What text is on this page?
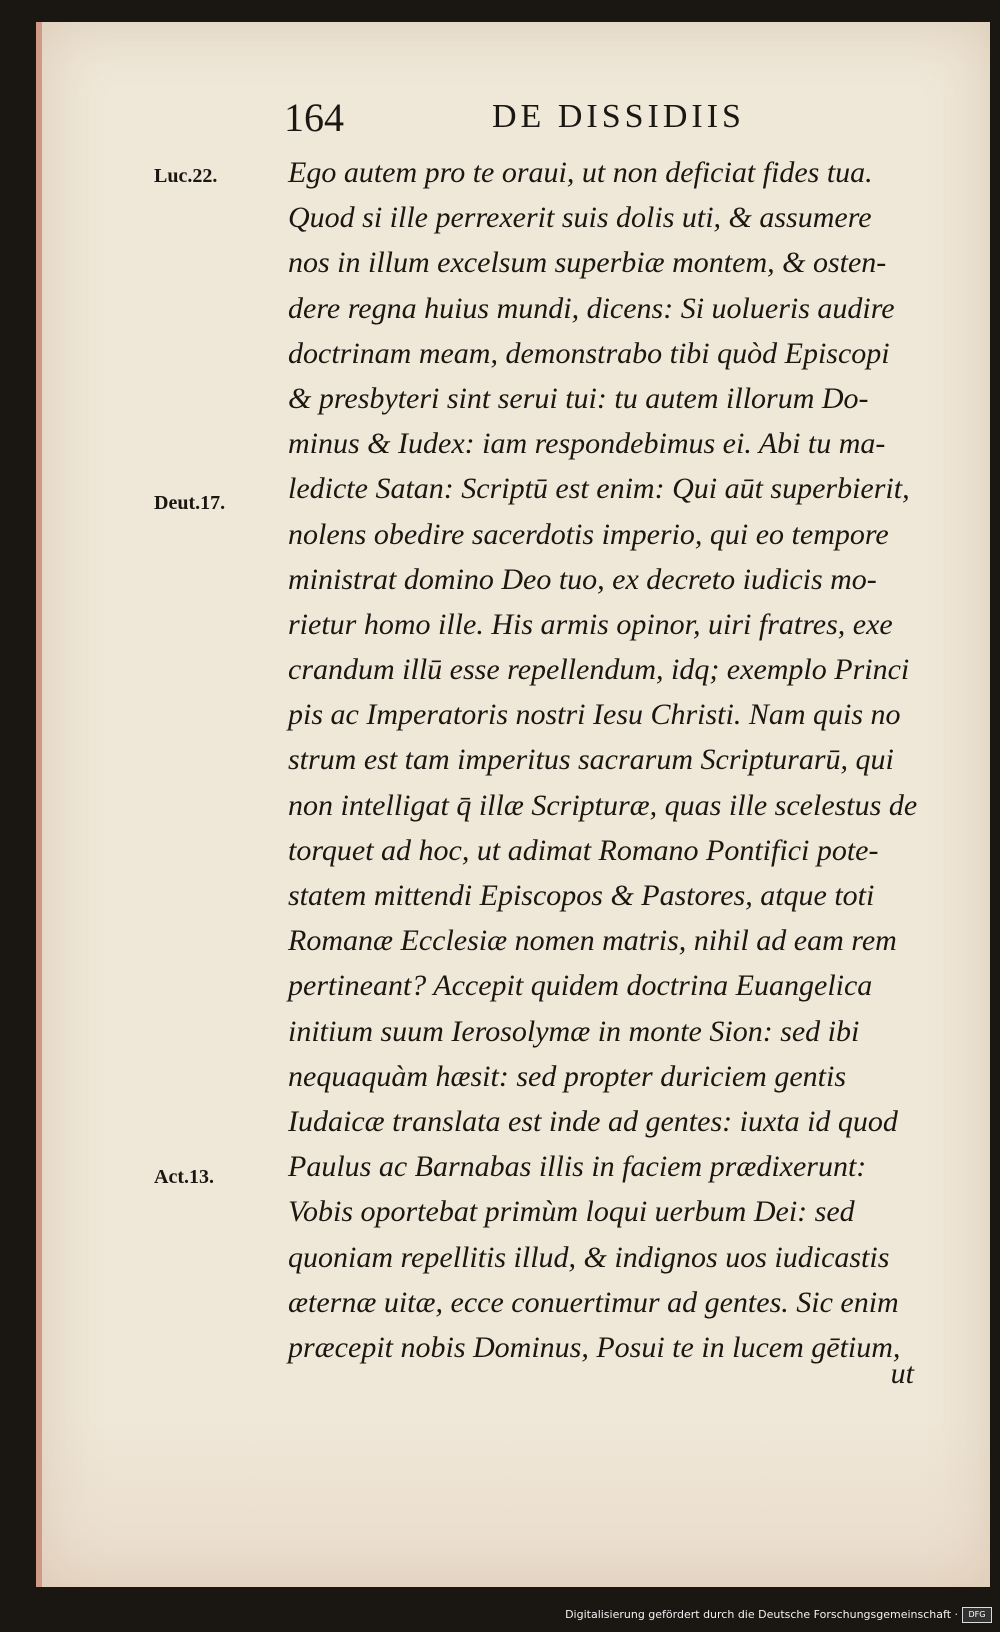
164	DE DISSIDIIS
Luc.22.
Deut.17.
Act.13.
Ego autem pro te oraui, ut non deficiat fides tua.
Quod si ille perrexerit suis dolis uti, & assumere
nos in illum excelsum superbiæ montem, & osten-
dere regna huius mundi, dicens: Si uolueris audire
doctrinam meam, demonstrabo tibi quòd Episcopi
& presbyteri sint serui tui: tu autem illorum Do-
minus & Iudex: iam respondebimus ei. Abi tu ma-
ledicte Satan: Scriptū est enim: Qui aūt superbierit,
nolens obedire sacerdotis imperio, qui eo tempore
ministrat domino Deo tuo, ex decreto iudicis mo-
rietur homo ille. His armis opinor, uiri fratres, exe
crandum illū esse repellendum, idq; exemplo Princi
pis ac Imperatoris nostri Iesu Christi. Nam quis no
strum est tam imperitus sacrarum Scripturarū, qui
non intelligat q̄ illæ Scripturæ, quas ille scelestus de
torquet ad hoc, ut adimat Romano Pontifici pote-
statem mittendi Episcopos & Pastores, atque toti
Romanæ Ecclesiæ nomen matris, nihil ad eam rem
pertineant? Accepit quidem doctrina Euangelica
initium suum Ierosolymæ in monte Sion: sed ibi
nequaquàm hæsit: sed propter duriciem gentis
Iudaicæ translata est inde ad gentes: iuxta id quod
Paulus ac Barnabas illis in faciem prædixerunt:
Vobis oportebat primùm loqui uerbum Dei: sed
quoniam repellitis illud, & indignos uos iudicastis
æternæ uitæ, ecce conuertimur ad gentes. Sic enim
præcepit nobis Dominus, Posui te in lucem gētium,
ut
Digitalisierung gefördert durch die Deutsche Forschungsgemeinschaft ·	DFG
